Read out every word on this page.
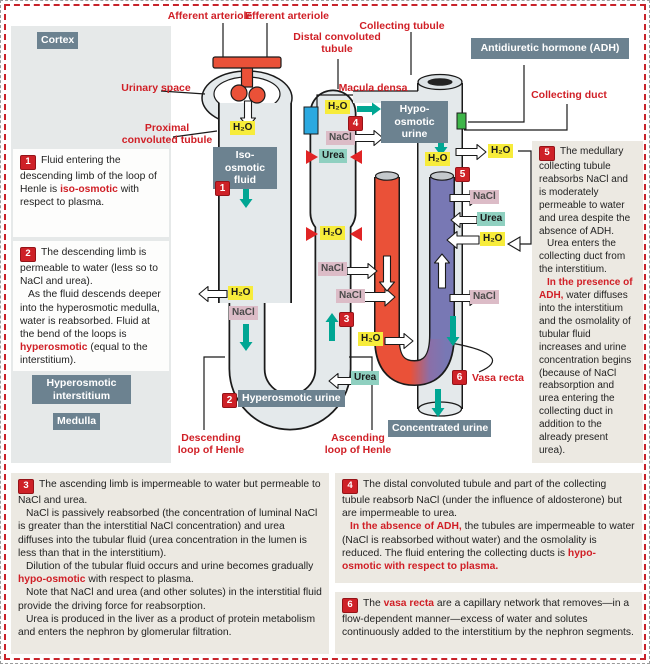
Cortex
Hyperosmotic interstitium
Medulla
Iso-osmotic fluid
Hypo-osmotic urine
Hyperosmotic urine
Antidiuretic hormone (ADH)
Concentrated urine
Afferent arteriole
Efferent arteriole
Distal convoluted
tubule
Collecting tubule
Macula densa
Urinary space
Proximal
convoluted tubule
Collecting duct
Descending
loop of Henle
Ascending
loop of Henle
Vasa recta
1
2
3
4
5
6
H₂O
H₂O
H₂O
H₂O
H₂O
H₂O
H₂O
H₂O
NaCl
NaCl
NaCl
NaCl
NaCl
NaCl
Urea
Urea
Urea

1 Fluid entering the descending limb of the loop of Henle is iso-osmotic with respect to plasma.

2 The descending limb is permeable to water (less so to NaCl and urea).

As the fluid descends deeper into the hyperosmotic medulla, water is reabsorbed. Fluid at the bend of the loops is hyperosmotic (equal to the interstitium).

3 The ascending limb is impermeable to water but permeable to NaCl and urea.

NaCl is passively reabsorbed (the concentration of luminal NaCl is greater than the interstitial NaCl concentration) and urea diffuses into the tubular fluid (urea concentration in the lumen is less than that in the interstitium).

Dilution of the tubular fluid occurs and urine becomes gradually hypo-osmotic with respect to plasma.

Note that NaCl and urea (and other solutes) in the interstitial fluid provide the driving force for reabsorption.

Urea is produced in the liver as a product of protein metabolism and enters the nephron by glomerular filtration.

4 The distal convoluted tubule and part of the collecting tubule reabsorb NaCl (under the influence of aldosterone) but are impermeable to urea.

In the absence of ADH, the tubules are impermeable to water (NaCl is reabsorbed without water) and the osmolality is reduced. The fluid entering the collecting ducts is hypo-osmotic with respect to plasma.

5 The medullary collecting tubule reabsorbs NaCl and is moderately permeable to water and urea despite the absence of ADH.

Urea enters the collecting duct from the interstitium.

In the presence of ADH, water diffuses into the interstitium and the osmolality of tubular fluid increases and urine concentration begins (because of NaCl reabsorption and urea entering the collecting duct in addition to the already present urea).

6 The vasa recta are a capillary network that removes—in a flow-dependent manner—excess of water and solutes continuously added to the interstitium by the nephron segments.
